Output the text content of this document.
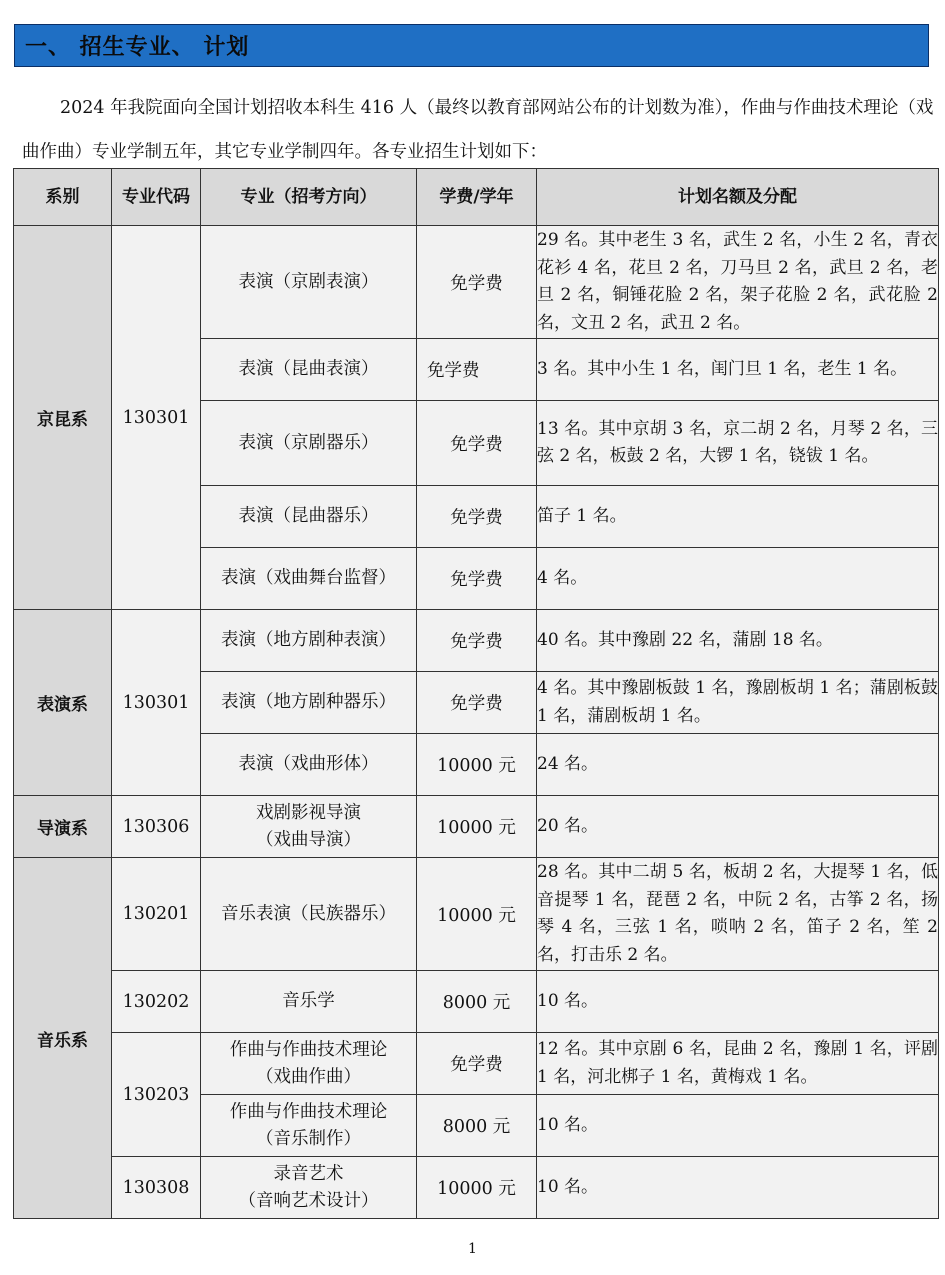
一、 招生专业、 计划

2024 年我院面向全国计划招收本科生 416 人（最终以教育部网站公布的计划数为准），作曲与作曲技术理论（戏曲作曲）专业学制五年，其它专业学制四年。各专业招生计划如下：

系别	专业代码	专业（招考方向）	学费/学年	计划名额及分配
京昆系	130301	表演（京剧表演）	免学费	29 名。其中老生 3 名，武生 2 名，小生 2 名，青衣花衫 4 名，花旦 2 名，刀马旦 2 名，武旦 2 名，老旦 2 名，铜锤花脸 2 名，架子花脸 2 名，武花脸 2 名，文丑 2 名，武丑 2 名。
		表演（昆曲表演）	免学费	3 名。其中小生 1 名，闺门旦 1 名，老生 1 名。
		表演（京剧器乐）	免学费	13 名。其中京胡 3 名，京二胡 2 名，月琴 2 名，三弦 2 名，板鼓 2 名，大锣 1 名，铙钹 1 名。
		表演（昆曲器乐）	免学费	笛子 1 名。
		表演（戏曲舞台监督）	免学费	4 名。
表演系	130301	表演（地方剧种表演）	免学费	40 名。其中豫剧 22 名，蒲剧 18 名。
		表演（地方剧种器乐）	免学费	4 名。其中豫剧板鼓 1 名，豫剧板胡 1 名；蒲剧板鼓 1 名，蒲剧板胡 1 名。
		表演（戏曲形体）	10000 元	24 名。
导演系	130306	戏剧影视导演
（戏曲导演）	10000 元	20 名。
音乐系	130201	音乐表演（民族器乐）	10000 元	28 名。其中二胡 5 名，板胡 2 名，大提琴 1 名，低音提琴 1 名，琵琶 2 名，中阮 2 名，古筝 2 名，扬琴 4 名，三弦 1 名，唢呐 2 名，笛子 2 名，笙 2 名，打击乐 2 名。
	130202	音乐学	8000 元	10 名。
	130203	作曲与作曲技术理论
（戏曲作曲）	免学费	12 名。其中京剧 6 名，昆曲 2 名，豫剧 1 名，评剧 1 名，河北梆子 1 名，黄梅戏 1 名。

		作曲与作曲技术理论
（音乐制作）	8000 元	10 名。
	130308	录音艺术
（音响艺术设计）	10000 元	10 名。
1
